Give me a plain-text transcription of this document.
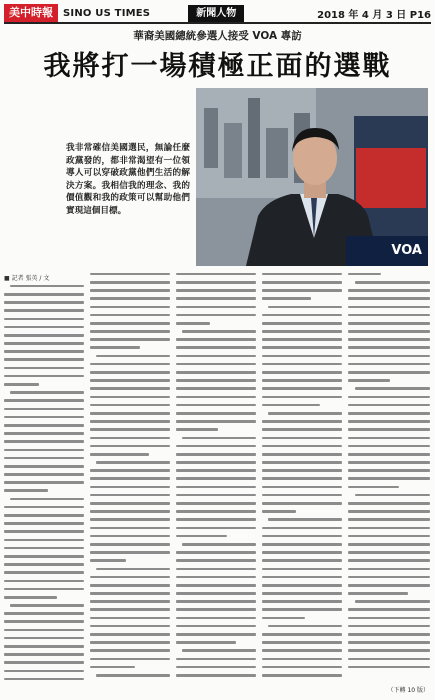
美中時報	SINO US TIMES	新聞人物	2018 年 4 月 3 日 P16
華裔美國總統參選人接受 VOA 專訪
我將打一場積極正面的選戰
VOA
我非常確信美國選民，無論任麼政黨發的，都非常渴望有一位領導人可以穿破政黨他們生活的解決方案。我相信我的理念、我的價值觀和我的政策可以幫助他們實現這個目標。
■ 記者 張英 / 文
（下轉 10 版）
